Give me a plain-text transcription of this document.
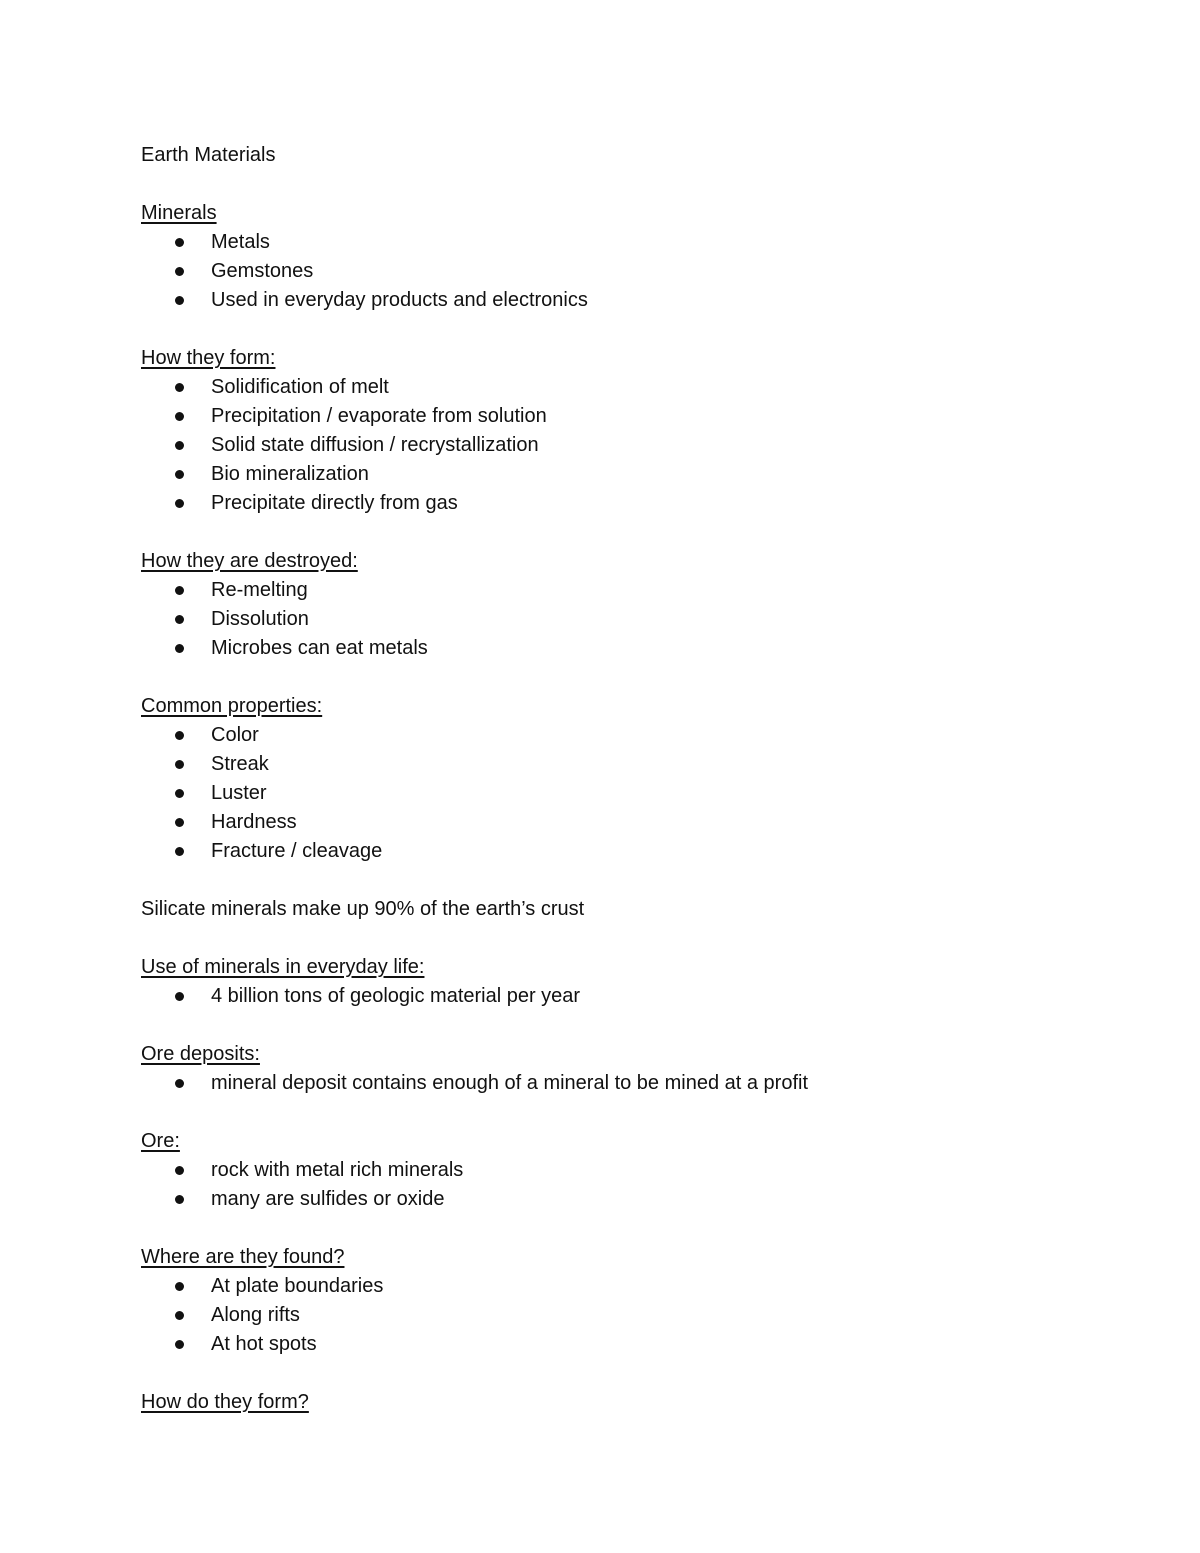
Earth Materials
Minerals
Metals
Gemstones
Used in everyday products and electronics
How they form:
Solidification of melt
Precipitation / evaporate from solution
Solid state diffusion / recrystallization
Bio mineralization
Precipitate directly from gas
How they are destroyed:
Re-melting
Dissolution
Microbes can eat metals
Common properties:
Color
Streak
Luster
Hardness
Fracture / cleavage
Silicate minerals make up 90% of the earth’s crust
Use of minerals in everyday life:
4 billion tons of geologic material per year
Ore deposits:
mineral deposit contains enough of a mineral to be mined at a profit
Ore:
rock with metal rich minerals
many are sulfides or oxide
Where are they found?
At plate boundaries
Along rifts
At hot spots
How do they form?
